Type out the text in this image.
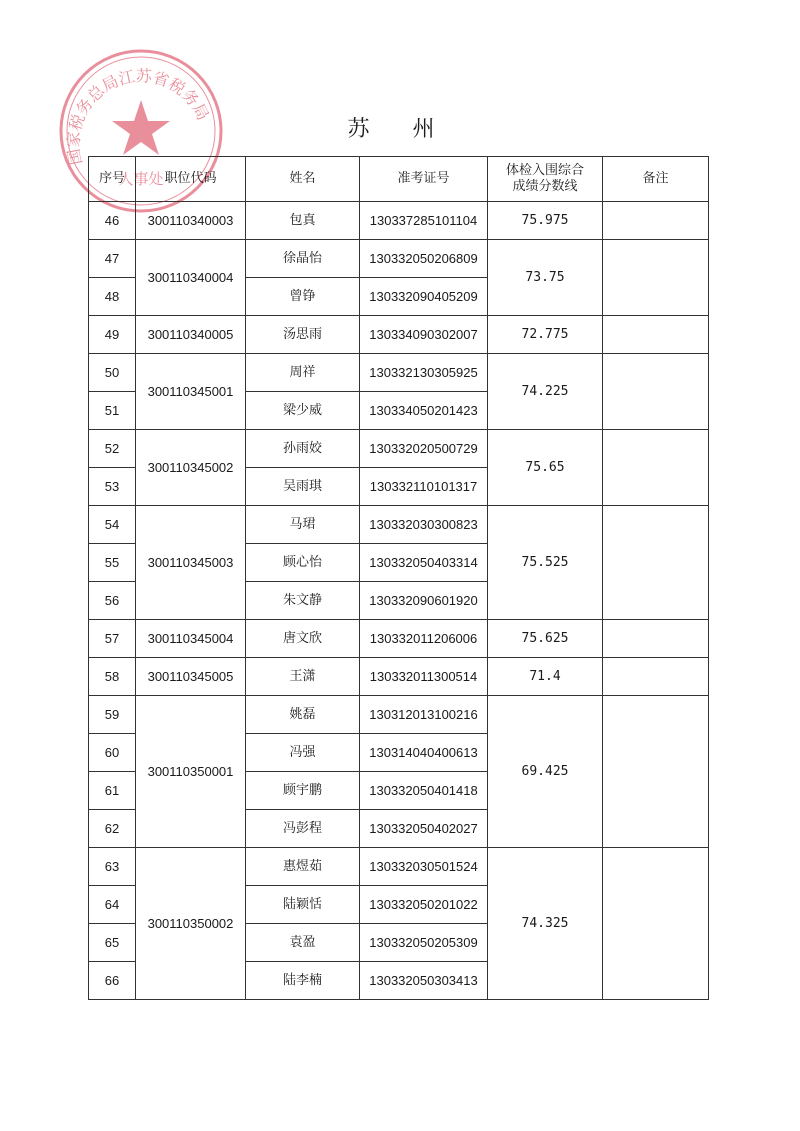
国家税务总局江苏省税务局
人事处
苏 州
序号	职位代码	姓名	准考证号	体检入围综合
成绩分数线	备注
46	300110340003	包真	130337285101104	75.975	
47	300110340004	徐晶怡	130332050206809	73.75	
48		曾铮	130332090405209		
49	300110340005	汤思雨	130334090302007	72.775	
50	300110345001	周祥	130332130305925	74.225	
51		梁少威	130334050201423		
52	300110345002	孙雨姣	130332020500729	75.65	
53		吴雨琪	130332110101317		
54	300110345003	马珺	130332030300823	75.525	
55		顾心怡	130332050403314		
56		朱文静	130332090601920		
57	300110345004	唐文欣	130332011206006	75.625	
58	300110345005	王潇	130332011300514	71.4	
59	300110350001	姚磊	130312013100216	69.425	
60		冯强	130314040400613		
61		顾宇鹏	130332050401418		
62		冯彭程	130332050402027		
63	300110350002	惠煜茹	130332030501524	74.325	
64		陆颖恬	130332050201022		
65		袁盈	130332050205309		
66		陆李楠	130332050303413		
